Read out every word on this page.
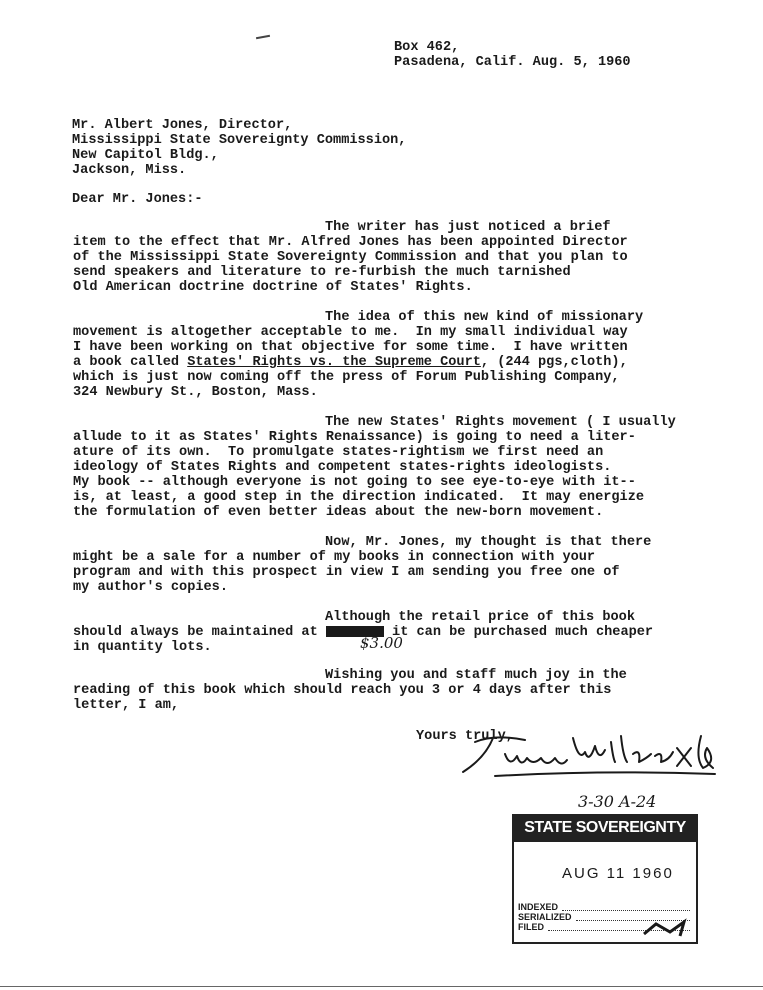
Box 462,
Pasadena, Calif. Aug. 5, 1960
Mr. Albert Jones, Director,
Mississippi State Sovereignty Commission,
New Capitol Bldg.,
Jackson, Miss.
Dear Mr. Jones:-
The writer has just noticed a brief
item to the effect that Mr. Alfred Jones has been appointed Director
of the Mississippi State Sovereignty Commission and that you plan to
send speakers and literature to re-furbish the much tarnished
Old American doctrine doctrine of States' Rights.
The idea of this new kind of missionary
movement is altogether acceptable to me.  In my small individual way
I have been working on that objective for some time.  I have written
a book called States' Rights vs. the Supreme Court, (244 pgs,cloth),
which is just now coming off the press of Forum Publishing Company,
324 Newbury St., Boston, Mass.
The new States' Rights movement ( I usually
allude to it as States' Rights Renaissance) is going to need a liter-
ature of its own.  To promulgate states-rightism we first need an
ideology of States Rights and competent states-rights ideologists.
My book -- although everyone is not going to see eye-to-eye with it--
is, at least, a good step in the direction indicated.  It may energize
the formulation of even better ideas about the new-born movement.
Now, Mr. Jones, my thought is that there
might be a sale for a number of my books in connection with your
program and with this prospect in view I am sending you free one of
my author's copies.
Although the retail price of this book
should always be maintained at	it can be purchased much cheaper
$3.00
in quantity lots.
Wishing you and staff much joy in the
reading of this book which should reach you 3 or 4 days after this
letter, I am,
Yours truly,
3-30 A-24
STATE SOVEREIGNTY COMMISSION
AUG 11 1960
INDEXED
SERIALIZED
FILED
